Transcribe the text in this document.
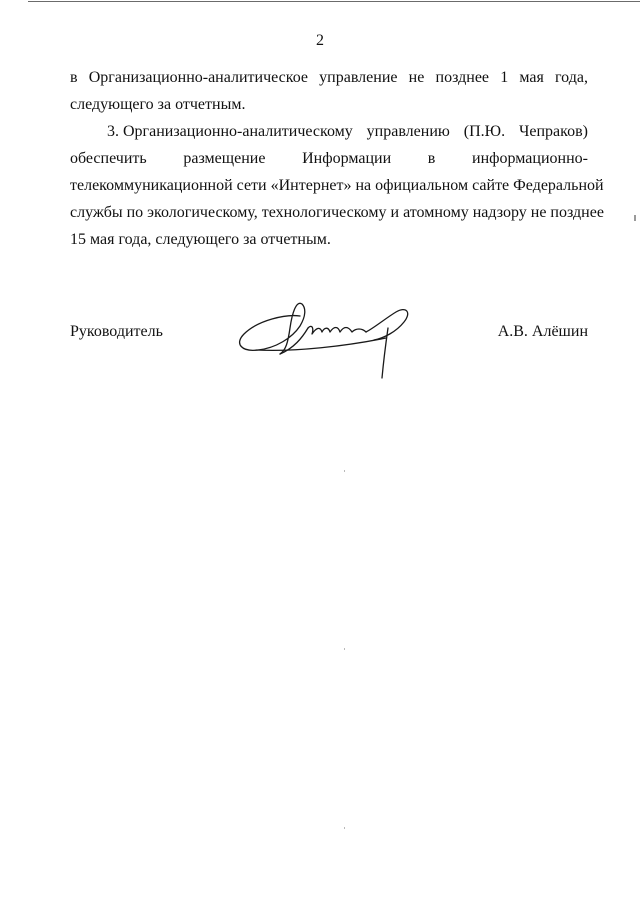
2
в Организационно-аналитическое управление не позднее 1 мая года,
следующего за отчетным.
3. Организационно-аналитическому управлению (П.Ю. Чепраков)
обеспечить размещение Информации в информационно-
телекоммуникационной сети «Интернет» на официальном сайте Федеральной
службы по экологическому, технологическому и атомному надзору не позднее
15 мая года, следующего за отчетным.
Руководитель	А.В. Алёшин
